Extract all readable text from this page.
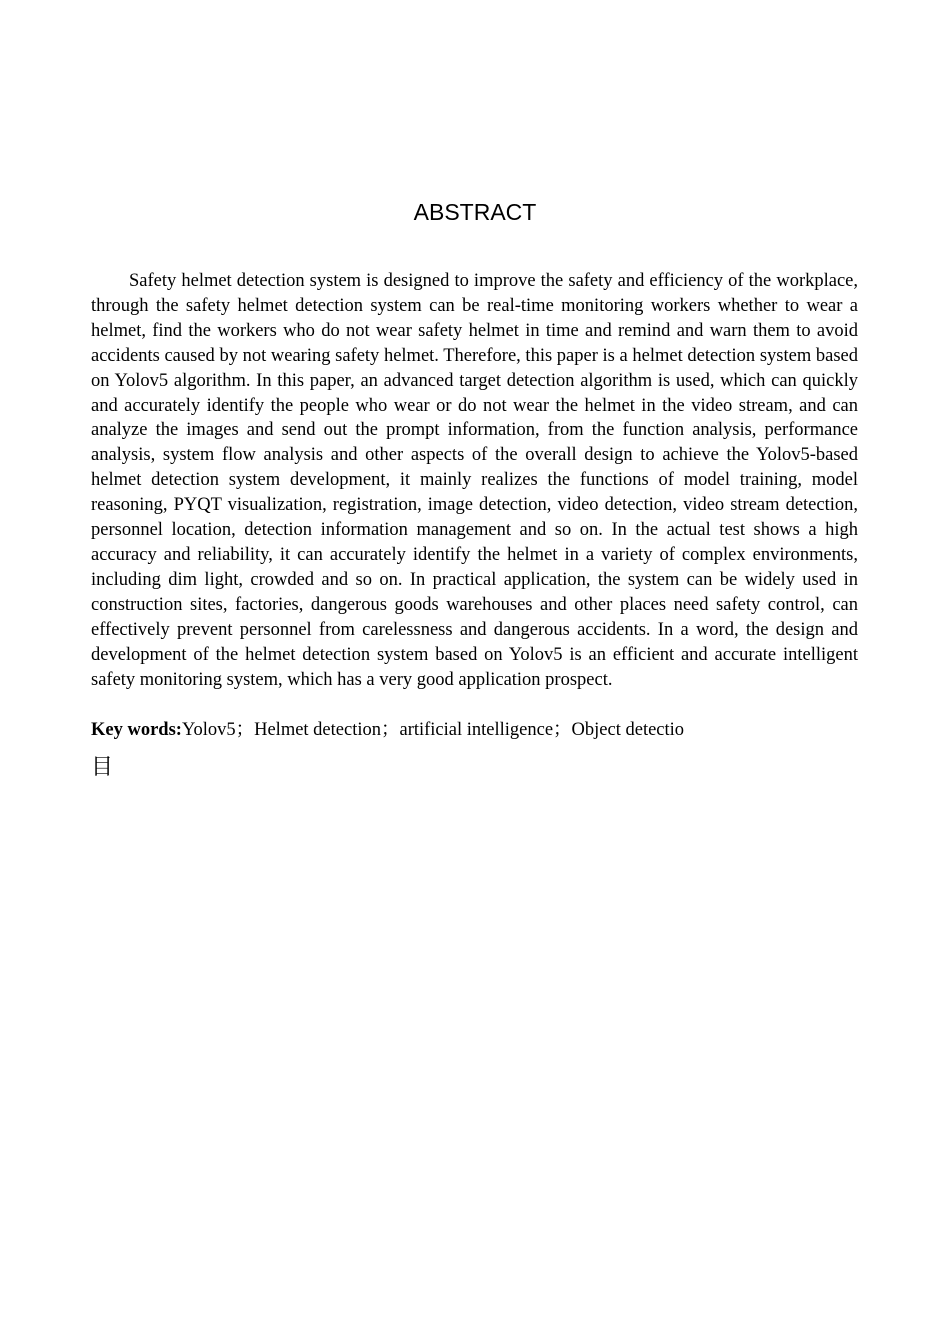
ABSTRACT

Safety helmet detection system is designed to improve the safety and efficiency of the workplace, through the safety helmet detection system can be real-time monitoring workers whether to wear a helmet, find the workers who do not wear safety helmet in time and remind and warn them to avoid accidents caused by not wearing safety helmet. Therefore, this paper is a helmet detection system based on Yolov5 algorithm. In this paper, an advanced target detection algorithm is used, which can quickly and accurately identify the people who wear or do not wear the helmet in the video stream, and can analyze the images and send out the prompt information, from the function analysis, performance analysis, system flow analysis and other aspects of the overall design to achieve the Yolov5-based helmet detection system development, it mainly realizes the functions of model training, model reasoning, PYQT visualization, registration, image detection, video detection, video stream detection, personnel location, detection information management and so on. In the actual test shows a high accuracy and reliability, it can accurately identify the helmet in a variety of complex environments, including dim light, crowded and so on. In practical application, the system can be widely used in construction sites, factories, dangerous goods warehouses and other places need safety control, can effectively prevent personnel from carelessness and dangerous accidents. In a word, the design and development of the helmet detection system based on Yolov5 is an efficient and accurate intelligent safety monitoring system, which has a very good application prospect.

Key words:Yolov5；Helmet detection；artificial intelligence；Object detectio
目
